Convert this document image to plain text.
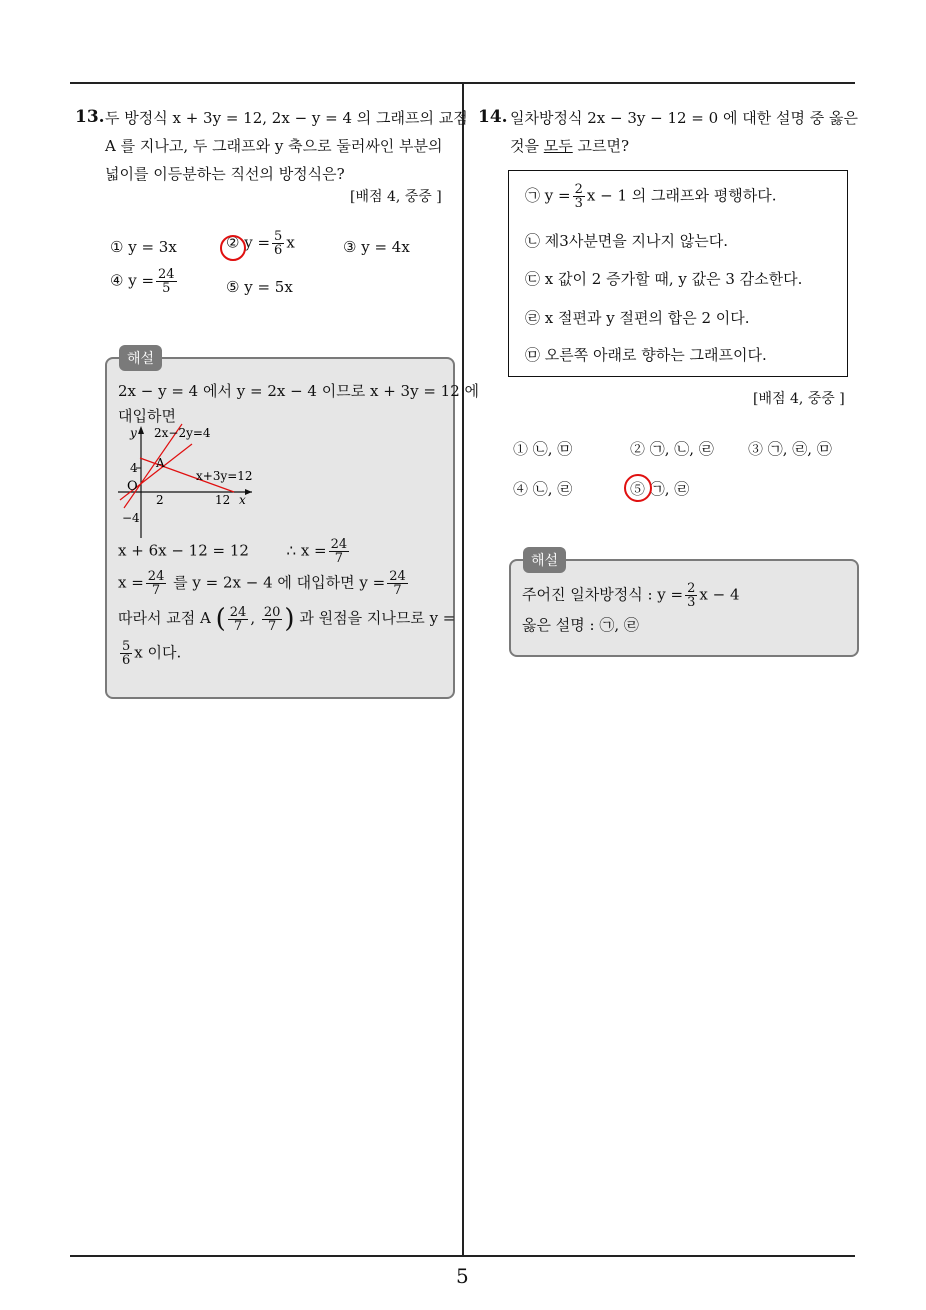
5
13. 두 방정식 x + 3y = 12, 2x − y = 4 의 그래프의 교점
A 를 지나고, 두 그래프와 y 축으로 둘러싸인 부분의
넓이를 이등분하는 직선의 방정식은?
[배점 4, 중중 ]
① y = 3x	② $y = \frac{5}{6}$ x	③ y = 4x
④ $y = \frac{24}{5}$	⑤ y = 5x
해설
2x − y = 4 에서 y = 2x − 4 이므로 x + 3y = 12 에
대입하면
y 2x−2y=4
A
4
x+3y=12
O
2	12 x
−4
x + 6x − 12 = 12	∴ $x = \frac{24}{7}$
$x = \frac{24}{7}$ 를 y = 2x − 4 에 대입하면 $y = \frac{24}{7}$
따라서 교점 A ( $\frac{24}{7}$ , $\frac{20}{7}$ ) 과 원점을 지나므로 y =
$\frac{5}{6}$ x 이다.
14. 일차방정식 2x − 3y − 12 = 0 에 대한 설명 중 옳은
것을 모두 고르면?
㉠ $y = \frac{2}{3}$ x − 1 의 그래프와 평행하다.
㉡ 제3사분면을 지나지 않는다.
㉢ x 값이 2 증가할 때, y 값은 3 감소한다.
㉣ x 절편과 y 절편의 합은 2 이다.
㉤ 오른쪽 아래로 향하는 그래프이다.
[배점 4, 중중 ]
① ㉡, ㉤	② ㉠, ㉡, ㉣ ③ ㉠, ㉣, ㉤
④ ㉡, ㉣	⑤ ㉠, ㉣
해설
주어진 일차방정식 : $y = \frac{2}{3}$ x − 4
옳은 설명 : ㉠, ㉣
